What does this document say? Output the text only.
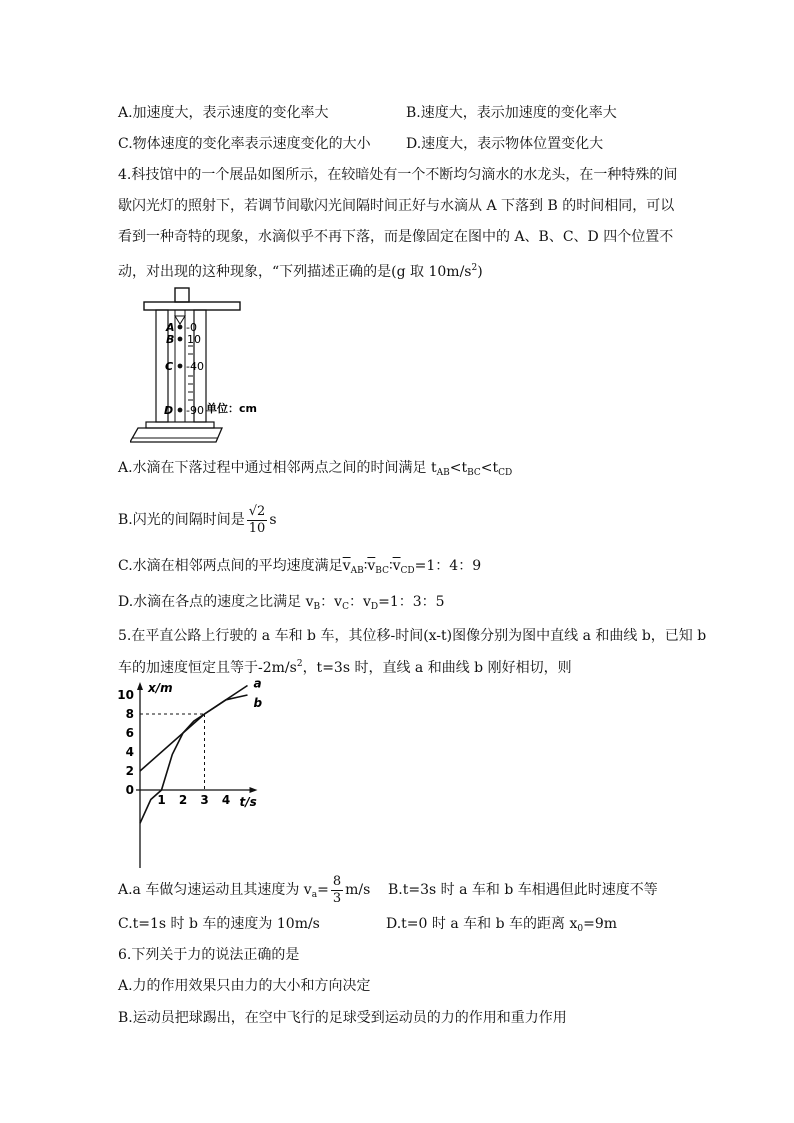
A.加速度大，表示速度的变化率大	B.速度大，表示加速度的变化率大
C.物体速度的变化率表示速度变化的大小	D.速度大，表示物体位置变化大
4.科技馆中的一个展品如图所示，在较暗处有一个不断均匀滴水的水龙头，在一种特殊的间
歇闪光灯的照射下，若调节间歇闪光间隔时间正好与水滴从 A 下落到 B 的时间相同，可以
看到一种奇特的现象，水滴似乎不再下落，而是像固定在图中的 A、B、C、D 四个位置不
动，对出现的这种现象，“下列描述正确的是(g 取 $10m/s^2$)
A
B
C
D
-0
10
-40
-90 单位：cm
A.水滴在下落过程中通过相邻两点之间的时间满足 $t_{AB}<t_{BC}<t_{CD}$
B.闪光的间隔时间是 $\frac{√2}{10}$ s
C.水滴在相邻两点间的平均速度满足$\overline{v}_{AB}∶\overline{v}_{BC}∶\overline{v}_{CD}=1$：4：9
D.水滴在各点的速度之比满足 $v_B$：$v_C$：$v_D=1$：3：5
5.在平直公路上行驶的 a 车和 b 车，其位移-时间(x-t)图像分别为图中直线 a 和曲线 b，已知 b
车的加速度恒定且等于$-2m/s^2$，t=3s 时，直线 a 和曲线 b 刚好相切，则
x/m
t/s
0
2
4
6
8
10
1 2 3 4
a
b
A.a 车做匀速运动且其速度为 $v_a= \frac{8}{3} m/s$ B.t=3s 时 a 车和 b 车相遇但此时速度不等
C.t=1s 时 b 车的速度为 10m/s	D.t=0 时 a 车和 b 车的距离 $x_0=9m$
6.下列关于力的说法正确的是
A.力的作用效果只由力的大小和方向决定
B.运动员把球踢出，在空中飞行的足球受到运动员的力的作用和重力作用
